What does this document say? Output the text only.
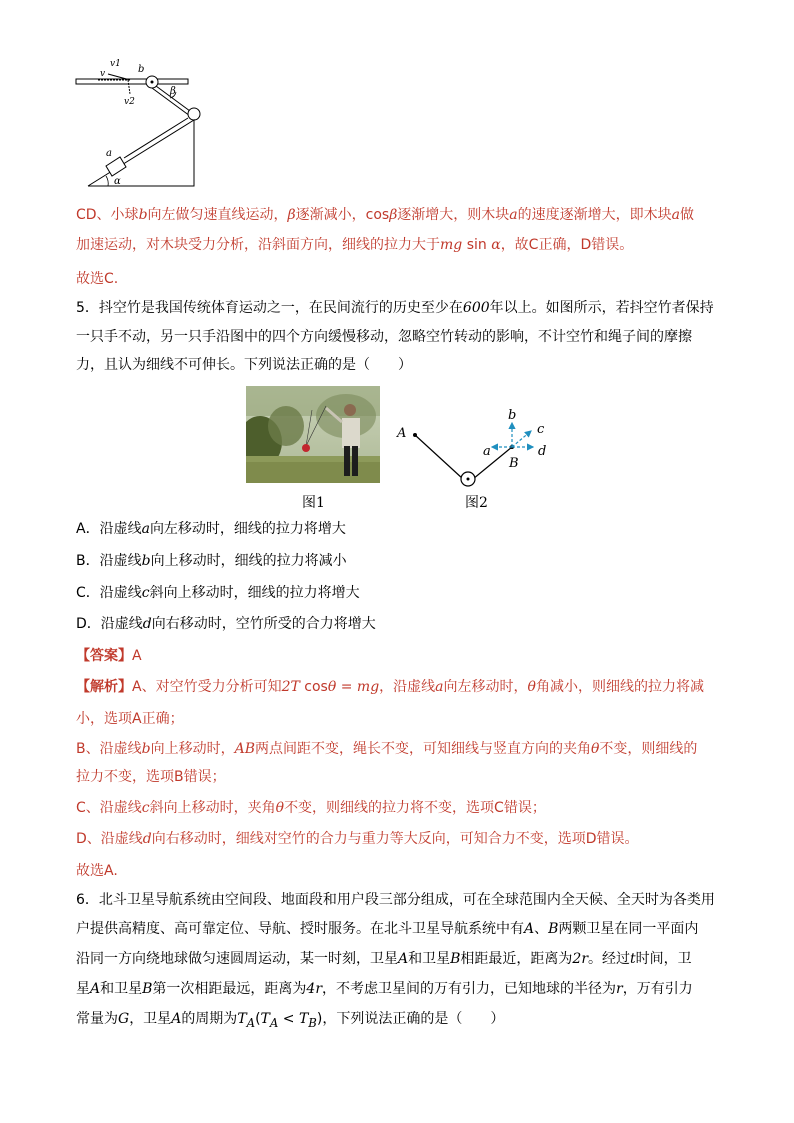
v1
v	b
v2
β
a
α
CD、小球b向左做匀速直线运动，β逐渐减小，cosβ逐渐增大，则木块a的速度逐渐增大，即木块a做
加速运动，对木块受力分析，沿斜面方向，细线的拉力大于mg sin α，故C正确，D错误。
故选C.
5．抖空竹是我国传统体育运动之一，在民间流行的历史至少在600年以上。如图所示，若抖空竹者保持
一只手不动，另一只手沿图中的四个方向缓慢移动，忽略空竹转动的影响，不计空竹和绳子间的摩擦
力，且认为细线不可伸长。下列说法正确的是（　　）
图1
A
B
a
b
c
d
图2
A．沿虚线a向左移动时，细线的拉力将增大
B．沿虚线b向上移动时，细线的拉力将减小
C．沿虚线c斜向上移动时，细线的拉力将增大
D．沿虚线d向右移动时，空竹所受的合力将增大
【答案】A
【解析】A、对空竹受力分析可知2T cosθ = mg，沿虚线a向左移动时，θ角减小，则细线的拉力将减
小，选项A正确；
B、沿虚线b向上移动时，AB两点间距不变，绳长不变，可知细线与竖直方向的夹角θ不变，则细线的
拉力不变，选项B错误；
C、沿虚线c斜向上移动时，夹角θ不变，则细线的拉力将不变，选项C错误；
D、沿虚线d向右移动时，细线对空竹的合力与重力等大反向，可知合力不变，选项D错误。
故选A.
6．北斗卫星导航系统由空间段、地面段和用户段三部分组成，可在全球范围内全天候、全天时为各类用
户提供高精度、高可靠定位、导航、授时服务。在北斗卫星导航系统中有A、B两颗卫星在同一平面内
沿同一方向绕地球做匀速圆周运动，某一时刻，卫星A和卫星B相距最近，距离为2r。经过t时间，卫
星A和卫星B第一次相距最远，距离为4r，不考虑卫星间的万有引力，已知地球的半径为r，万有引力
常量为G，卫星A的周期为$T_A(T_A < T_B)$，下列说法正确的是（　　）
